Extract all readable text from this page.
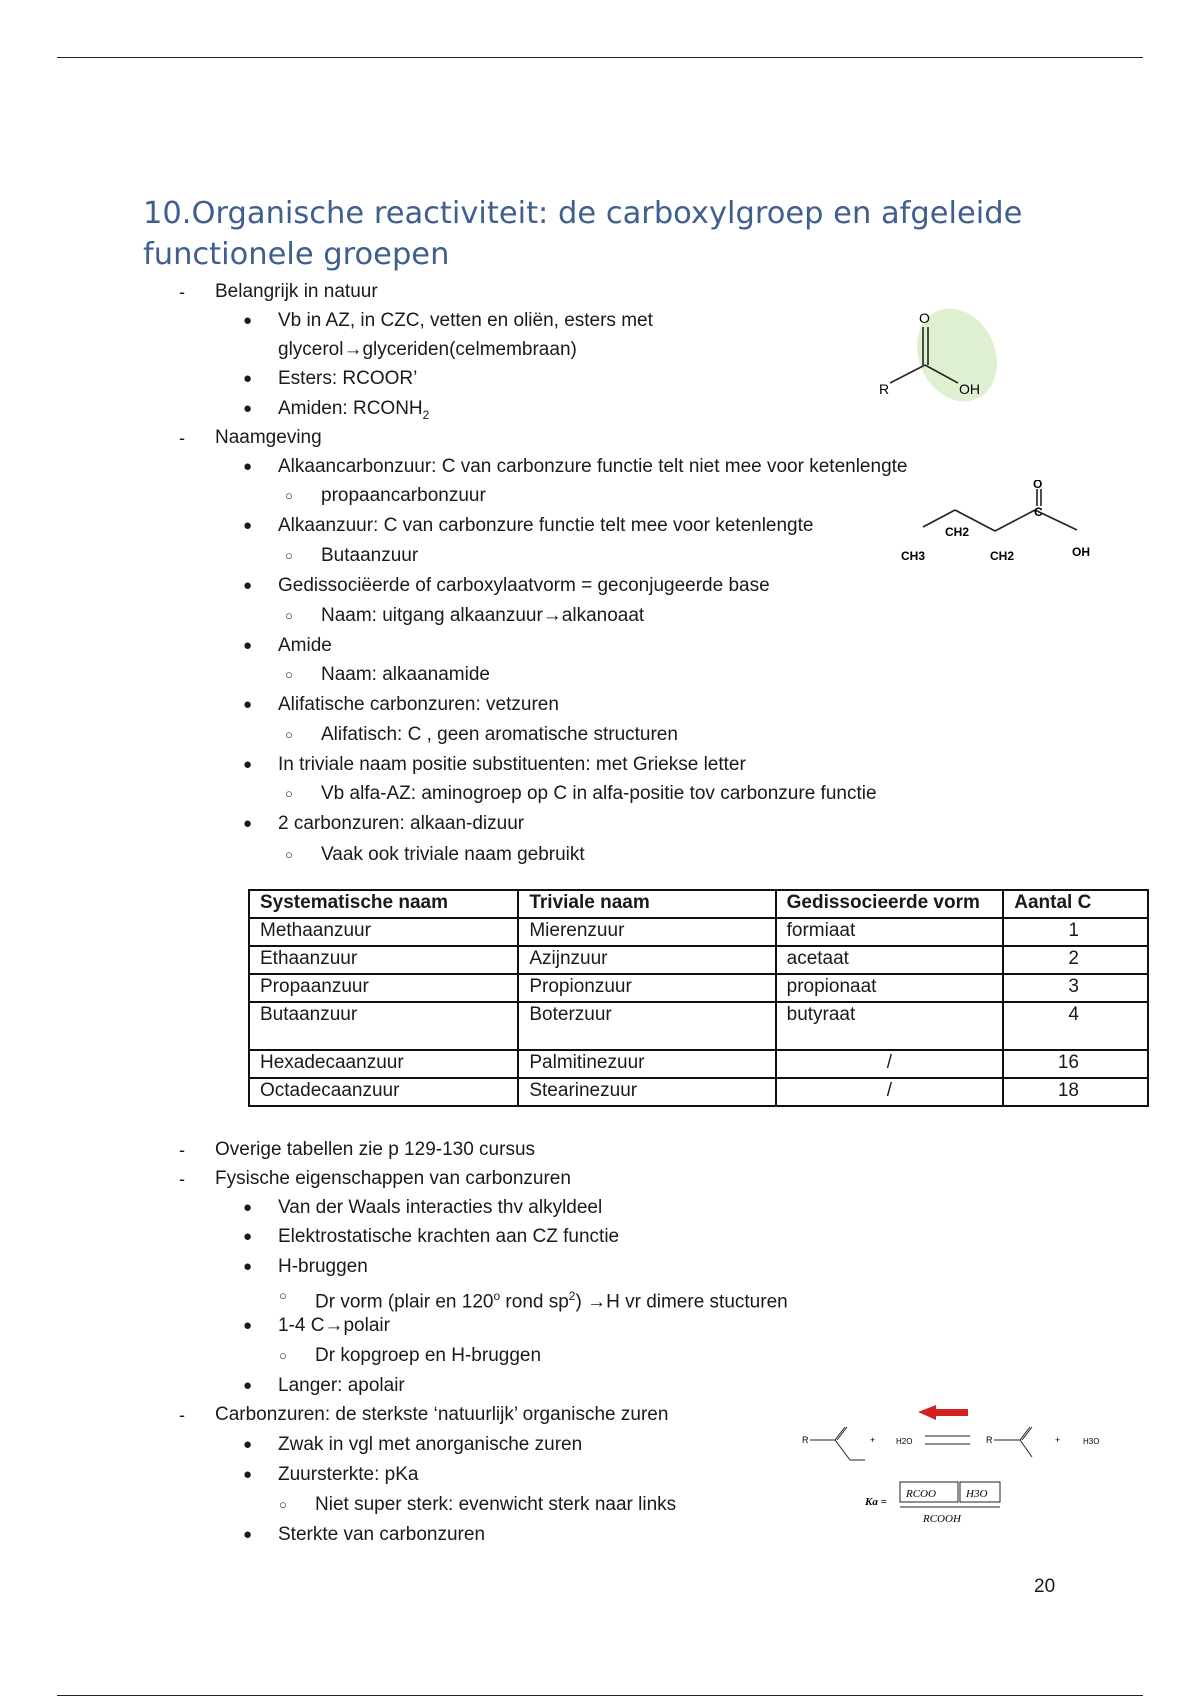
10.Organische reactiviteit: de carboxylgroep en afgeleide functionele groepen
- Belangrijk in natuur
● Vb in AZ, in CZC, vetten en oliën, esters met
glycerol→glyceriden(celmembraan)
● Esters: RCOOR’
● Amiden: $RCONH_2$
O
R	OH
- Naamgeving
● Alkaancarbonzuur: C van carbonzure functie telt niet mee voor ketenlengte
○ propaancarbonzuur
● Alkaanzuur: C van carbonzure functie telt mee voor ketenlengte
○ Butaanzuur
● Gedissociëerde of carboxylaatvorm = geconjugeerde base
○ Naam: uitgang alkaanzuur→alkanoaat
● Amide
○ Naam: alkaanamide
● Alifatische carbonzuren: vetzuren
○ Alifatisch: C , geen aromatische structuren
● In triviale naam positie substituenten: met Griekse letter
○ Vb alfa-AZ: aminogroep op C in alfa-positie tov carbonzure functie
● 2 carbonzuren: alkaan-dizuur
○ Vaak ook triviale naam gebruikt
O
C
CH3
CH2
CH2	OH
Systematische naam	Triviale naam	Gedissocieerde vorm	Aantal C
Methaanzuur	Mierenzuur	formiaat	1
Ethaanzuur	Azijnzuur	acetaat	2
Propaanzuur	Propionzuur	propionaat	3
Butaanzuur	Boterzuur	butyraat	4
Hexadecaanzuur	Palmitinezuur	/	16
Octadecaanzuur	Stearinezuur	/	18
- Overige tabellen zie p 129-130 cursus
- Fysische eigenschappen van carbonzuren
● Van der Waals interacties thv alkyldeel
● Elektrostatische krachten aan CZ functie
● H-bruggen
○ Dr vorm (plair en 120$^o$ rond $sp^2) \to H$ vr dimere stucturen
● 1-4 C→polair
○ Dr kopgroep en H-bruggen
● Langer: apolair
- Carbonzuren: de sterkste ‘natuurlijk’ organische zuren
● Zwak in vgl met anorganische zuren
● Zuursterkte: pKa
○ Niet super sterk: evenwicht sterk naar links
● Sterkte van carbonzuren
R	+	H2O	R	+	H3O
Ka =
RCOO	H3O
RCOOH
20
